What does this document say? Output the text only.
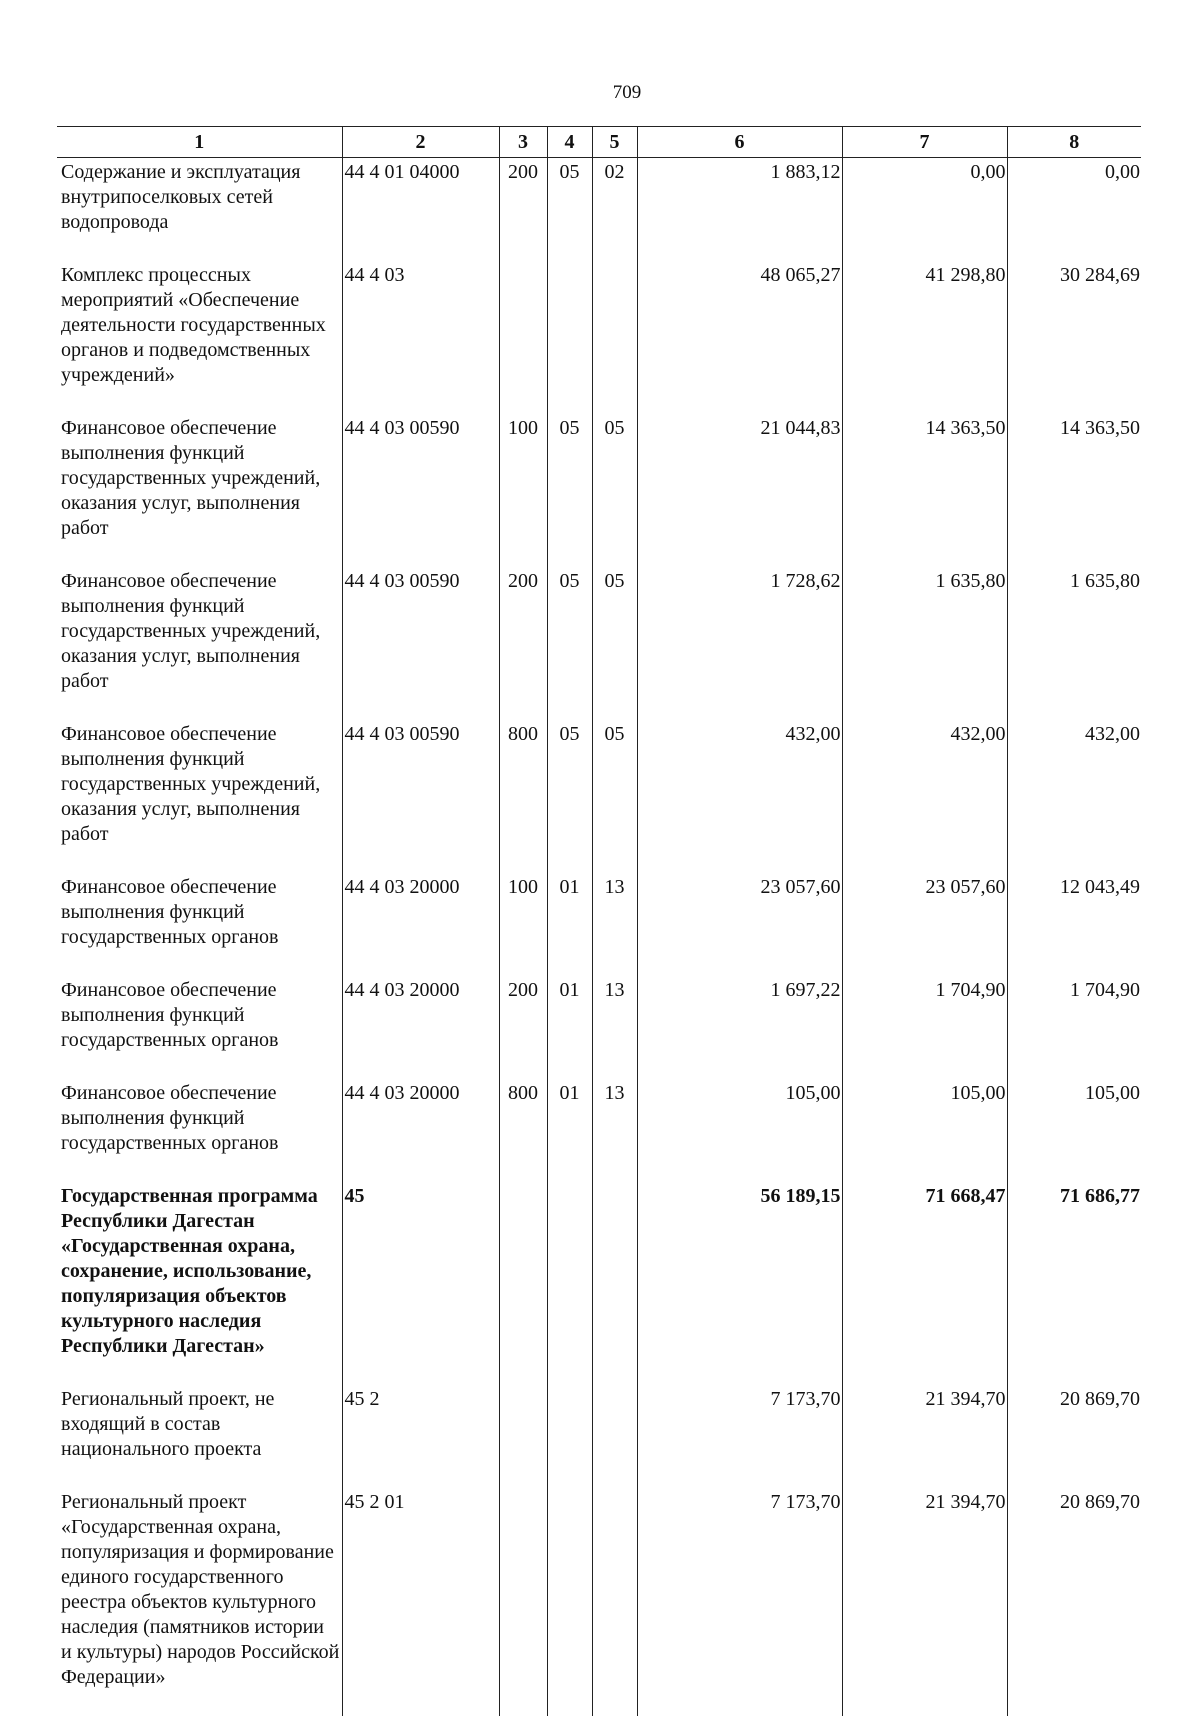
709
1	2	3	4	5	6	7	8
Содержание и эксплуатация внутрипоселковых сетей водопровода	44 4 01 04000	200	05	02	1 883,12	0,00	0,00
Комплекс процессных мероприятий «Обеспечение деятельности государственных органов и подведомственных учреждений»	44 4 03				48 065,27	41 298,80	30 284,69
Финансовое обеспечение выполнения функций государственных учреждений, оказания услуг, выполнения работ	44 4 03 00590	100	05	05	21 044,83	14 363,50	14 363,50
Финансовое обеспечение выполнения функций государственных учреждений, оказания услуг, выполнения работ	44 4 03 00590	200	05	05	1 728,62	1 635,80	1 635,80
Финансовое обеспечение выполнения функций государственных учреждений, оказания услуг, выполнения работ	44 4 03 00590	800	05	05	432,00	432,00	432,00
Финансовое обеспечение выполнения функций государственных органов	44 4 03 20000	100	01	13	23 057,60	23 057,60	12 043,49
Финансовое обеспечение выполнения функций государственных органов	44 4 03 20000	200	01	13	1 697,22	1 704,90	1 704,90
Финансовое обеспечение выполнения функций государственных органов	44 4 03 20000	800	01	13	105,00	105,00	105,00
Государственная программа Республики Дагестан «Государственная охрана, сохранение, использование, популяризация объектов культурного наследия Республики Дагестан»	45				56 189,15	71 668,47	71 686,77
Региональный проект, не входящий в состав национального проекта	45 2				7 173,70	21 394,70	20 869,70
Региональный проект «Государственная охрана, популяризация и формирование единого государственного реестра объектов культурного наследия (памятников истории и культуры) народов Российской Федерации»	45 2 01				7 173,70	21 394,70	20 869,70
